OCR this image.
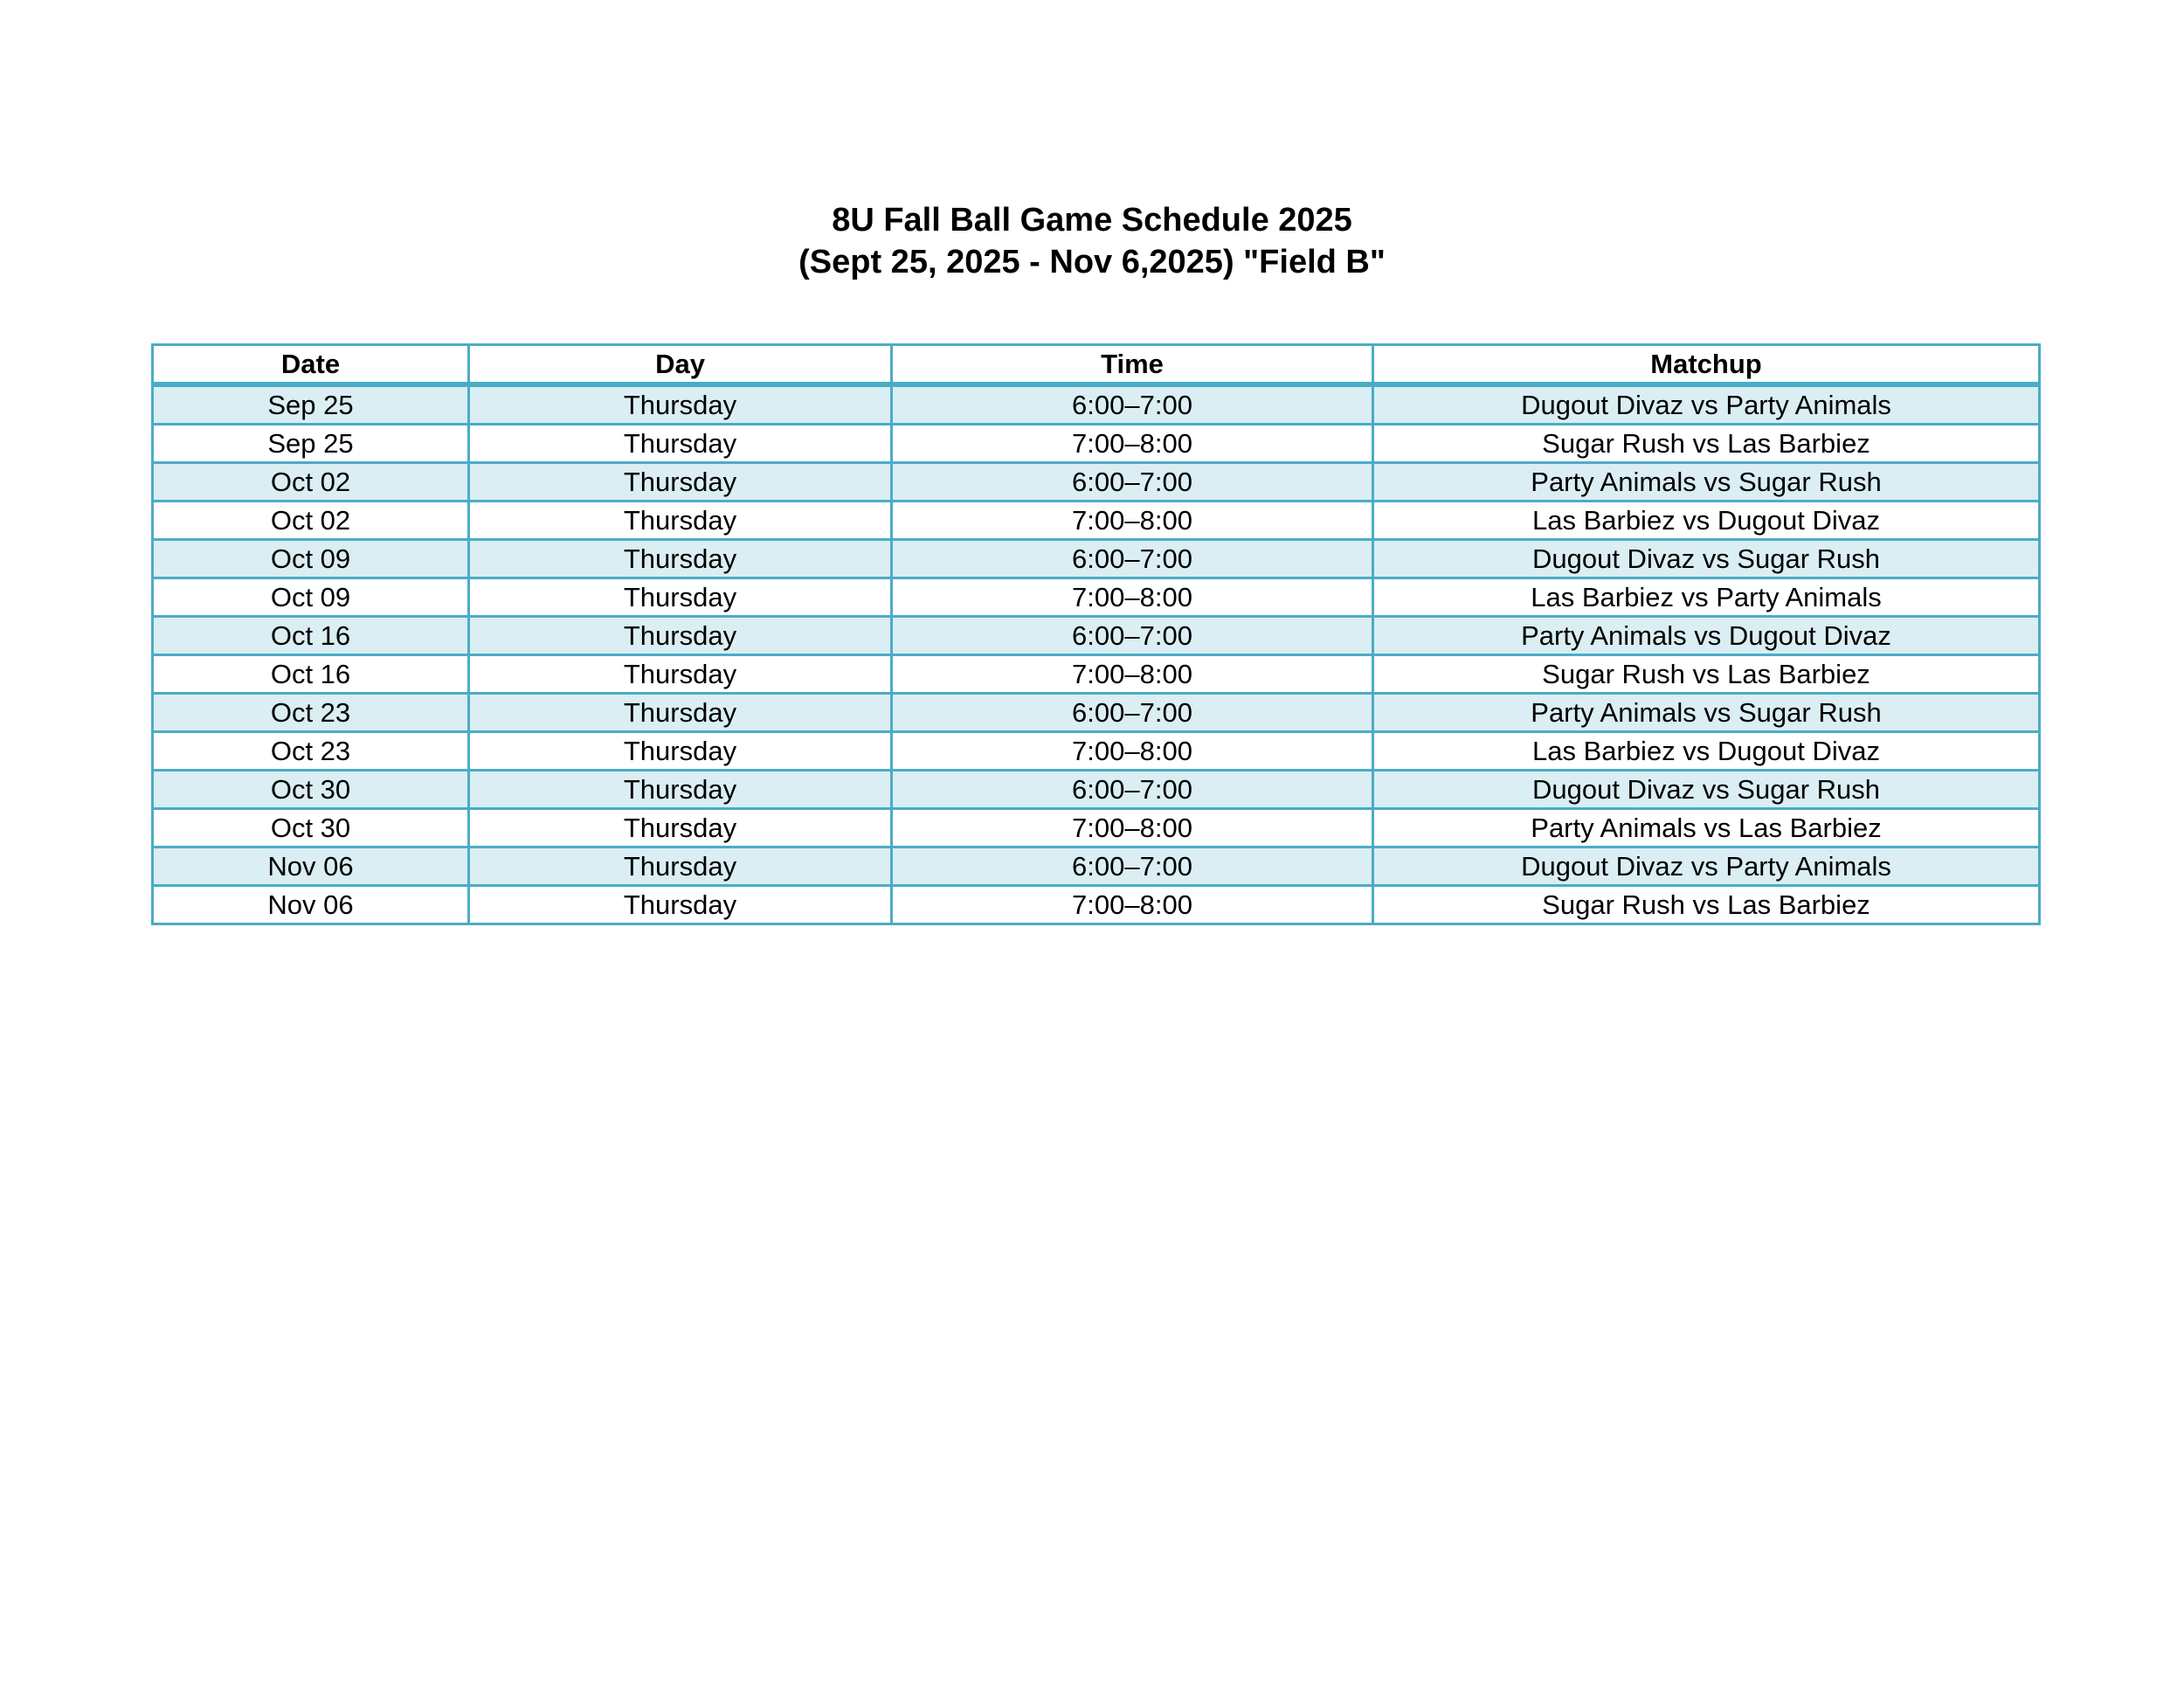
8U Fall Ball Game Schedule 2025
(Sept 25, 2025 - Nov 6,2025) "Field B"
Date	Day	Time	Matchup
Sep 25	Thursday	6:00–7:00	Dugout Divaz vs Party Animals
Sep 25	Thursday	7:00–8:00	Sugar Rush vs Las Barbiez
Oct 02	Thursday	6:00–7:00	Party Animals vs Sugar Rush
Oct 02	Thursday	7:00–8:00	Las Barbiez vs Dugout Divaz
Oct 09	Thursday	6:00–7:00	Dugout Divaz vs Sugar Rush
Oct 09	Thursday	7:00–8:00	Las Barbiez vs Party Animals
Oct 16	Thursday	6:00–7:00	Party Animals vs Dugout Divaz
Oct 16	Thursday	7:00–8:00	Sugar Rush vs Las Barbiez
Oct 23	Thursday	6:00–7:00	Party Animals vs Sugar Rush
Oct 23	Thursday	7:00–8:00	Las Barbiez vs Dugout Divaz
Oct 30	Thursday	6:00–7:00	Dugout Divaz vs Sugar Rush
Oct 30	Thursday	7:00–8:00	Party Animals vs Las Barbiez
Nov 06	Thursday	6:00–7:00	Dugout Divaz vs Party Animals
Nov 06	Thursday	7:00–8:00	Sugar Rush vs Las Barbiez
